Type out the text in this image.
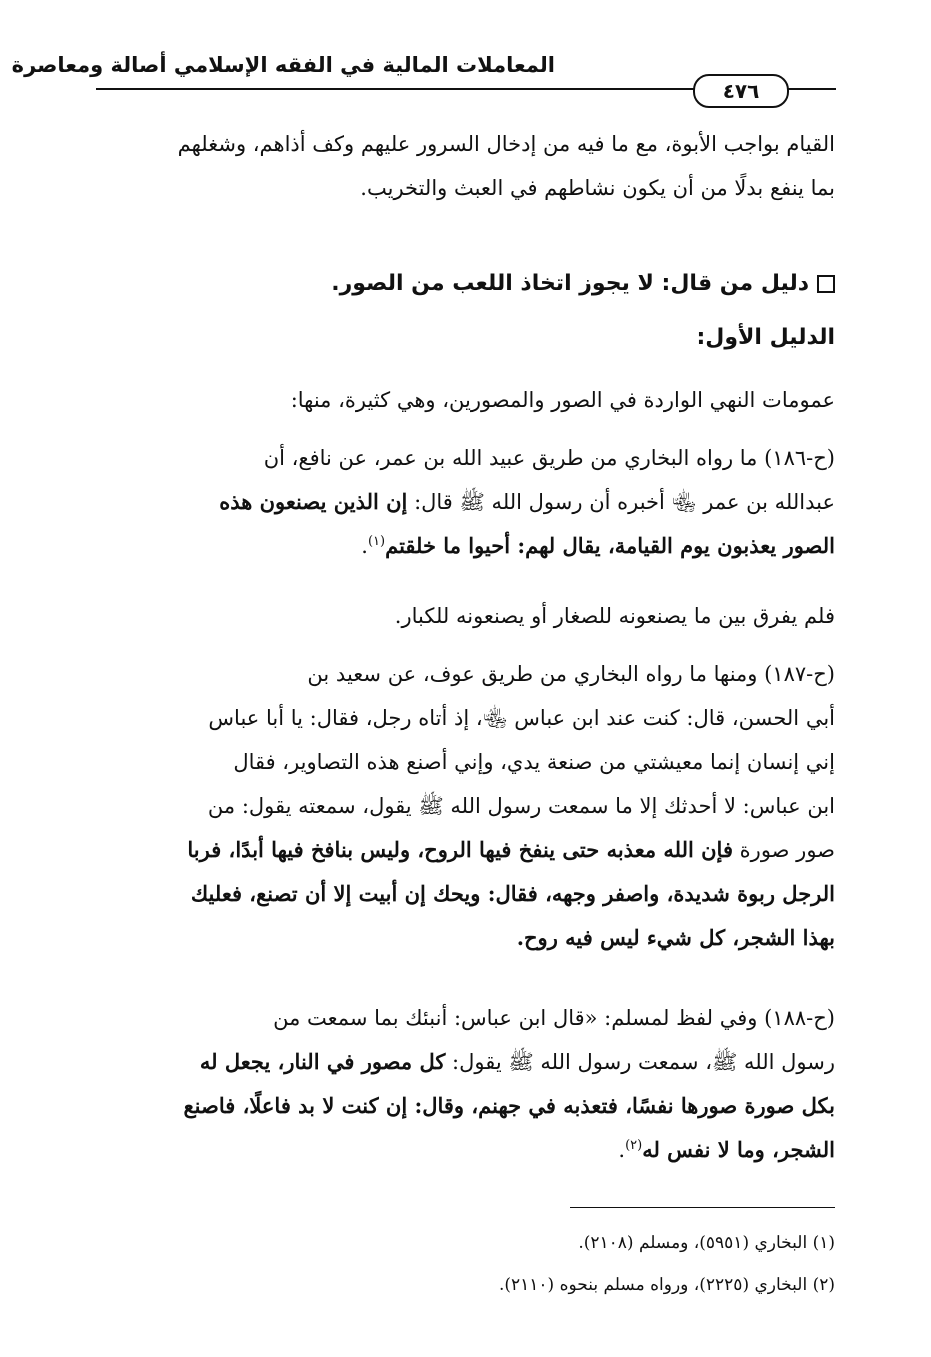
المعاملات المالية في الفقه الإسلامي أصالة ومعاصرة
٤٧٦
القيام بواجب الأبوة، مع ما فيه من إدخال السرور عليهم وكف أذاهم، وشغلهم
بما ينفع بدلًا من أن يكون نشاطهم في العبث والتخريب.
دليل من قال: لا يجوز اتخاذ اللعب من الصور.
الدليل الأول:
عمومات النهي الواردة في الصور والمصورين، وهي كثيرة، منها:
(ح-١٨٦) ما رواه البخاري من طريق عبيد الله بن عمر، عن نافع، أن
عبدالله بن عمر ﵄ أخبره أن رسول الله ﷺ قال: إن الذين يصنعون هذه
الصور يعذبون يوم القيامة، يقال لهم: أحيوا ما خلقتم$^{(١)}$.
فلم يفرق بين ما يصنعونه للصغار أو يصنعونه للكبار.
(ح-١٨٧) ومنها ما رواه البخاري من طريق عوف، عن سعيد بن
أبي الحسن، قال: كنت عند ابن عباس ﵄، إذ أتاه رجل، فقال: يا أبا عباس
إني إنسان إنما معيشتي من صنعة يدي، وإني أصنع هذه التصاوير، فقال
ابن عباس: لا أحدثك إلا ما سمعت رسول الله ﷺ يقول، سمعته يقول: من
صور صورة فإن الله معذبه حتى ينفخ فيها الروح، وليس بنافخ فيها أبدًا، فربا
الرجل ربوة شديدة، واصفر وجهه، فقال: ويحك إن أبيت إلا أن تصنع، فعليك
بهذا الشجر، كل شيء ليس فيه روح.
(ح-١٨٨) وفي لفظ لمسلم: «قال ابن عباس: أنبئك بما سمعت من
رسول الله ﷺ، سمعت رسول الله ﷺ يقول: كل مصور في النار، يجعل له
بكل صورة صورها نفسًا، فتعذبه في جهنم، وقال: إن كنت لا بد فاعلًا، فاصنع
الشجر، وما لا نفس له$^{(٢)}$.
(١) البخاري (٥٩٥١)، ومسلم (٢١٠٨).
(٢) البخاري (٢٢٢٥)، ورواه مسلم بنحوه (٢١١٠).
